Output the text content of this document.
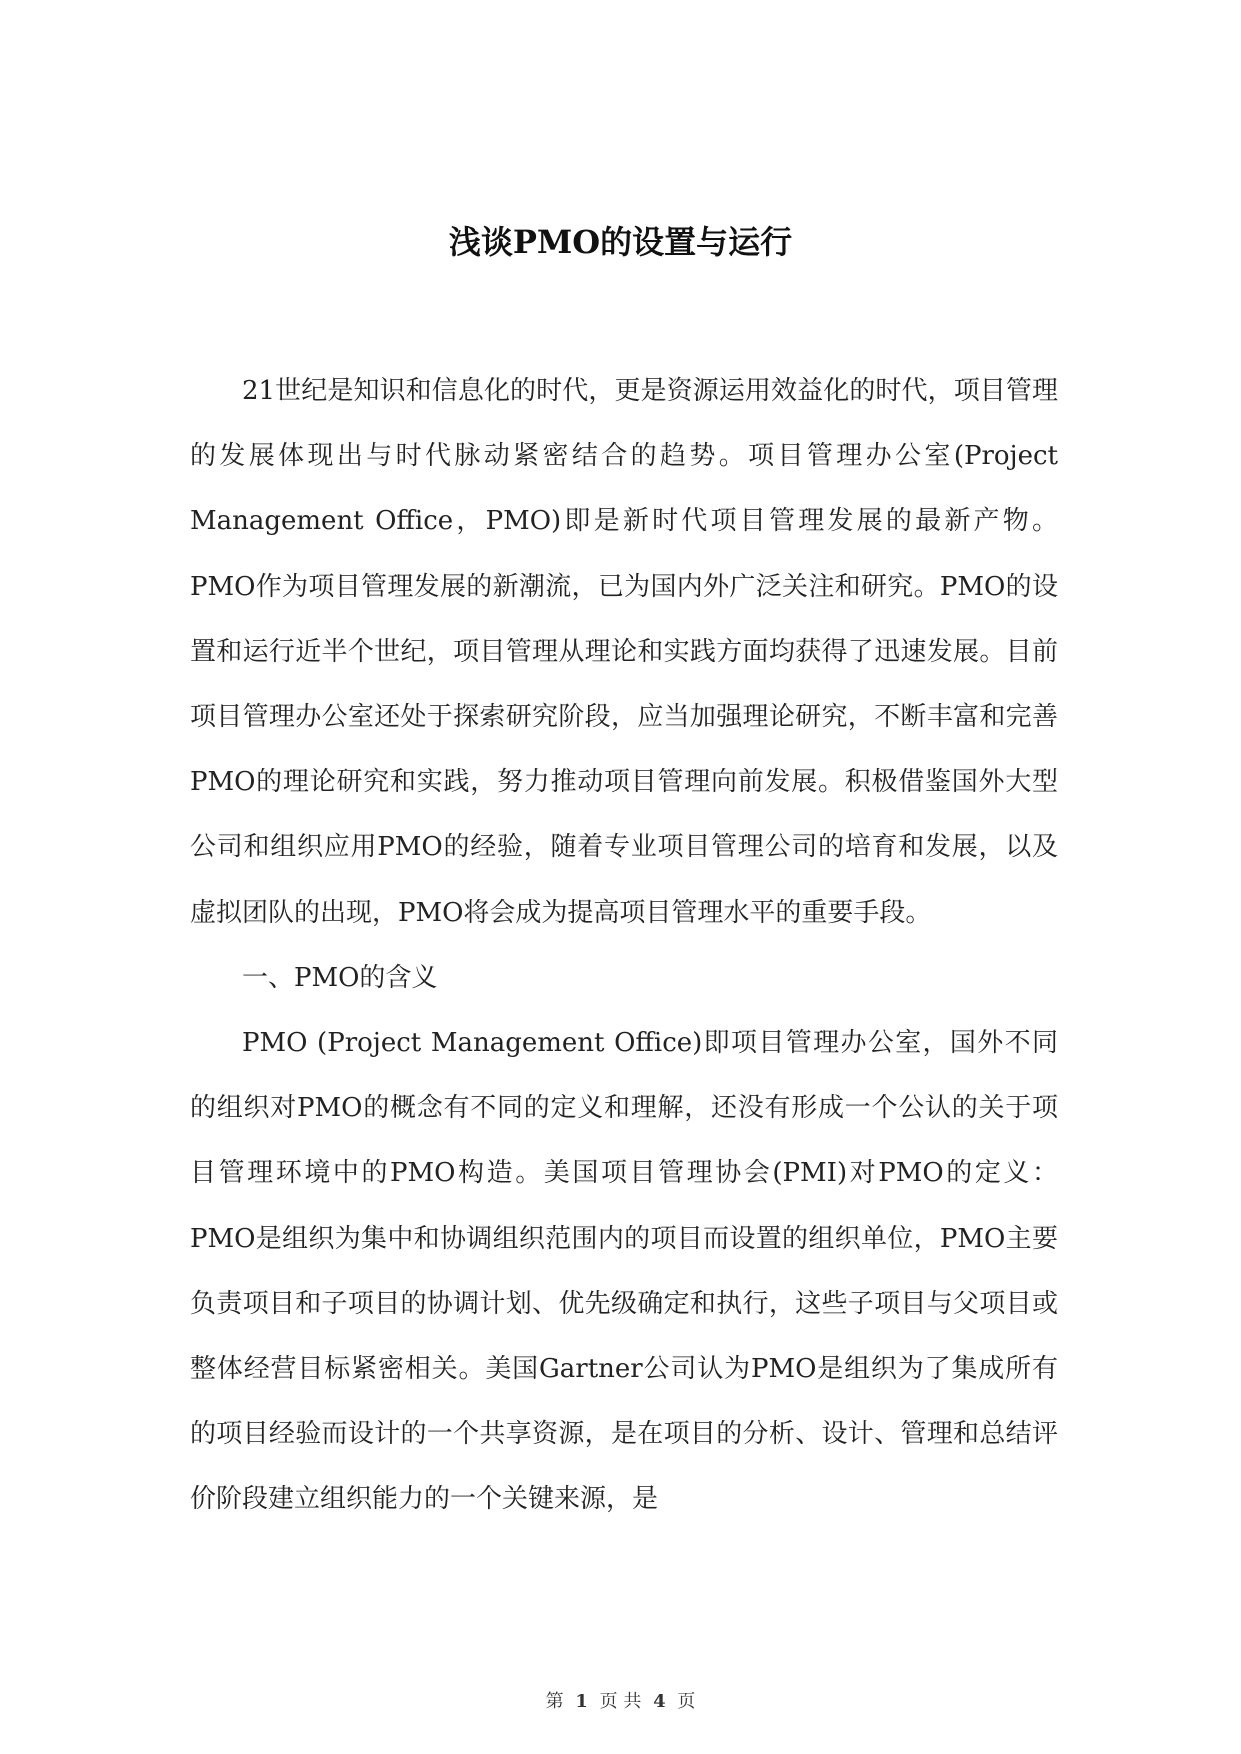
浅谈PMO的设置与运行

21世纪是知识和信息化的时代，更是资源运用效益化的时代，项目管理的发展体现出与时代脉动紧密结合的趋势。项目管理办公室(Project Management Office，PMO)即是新时代项目管理发展的最新产物。PMO作为项目管理发展的新潮流，已为国内外广泛关注和研究。PMO的设置和运行近半个世纪，项目管理从理论和实践方面均获得了迅速发展。目前项目管理办公室还处于探索研究阶段，应当加强理论研究，不断丰富和完善PMO的理论研究和实践，努力推动项目管理向前发展。积极借鉴国外大型公司和组织应用PMO的经验，随着专业项目管理公司的培育和发展，以及虚拟团队的出现，PMO将会成为提高项目管理水平的重要手段。

一、PMO的含义

PMO (Project Management Office)即项目管理办公室，国外不同的组织对PMO的概念有不同的定义和理解，还没有形成一个公认的关于项目管理环境中的PMO构造。美国项目管理协会(PMI)对PMO的定义：PMO是组织为集中和协调组织范围内的项目而设置的组织单位，PMO主要负责项目和子项目的协调计划、优先级确定和执行，这些子项目与父项目或整体经营目标紧密相关。美国Gartner公司认为PMO是组织为了集成所有的项目经验而设计的一个共享资源，是在项目的分析、设计、管理和总结评价阶段建立组织能力的一个关键来源，是

第 1 页 共 4 页
